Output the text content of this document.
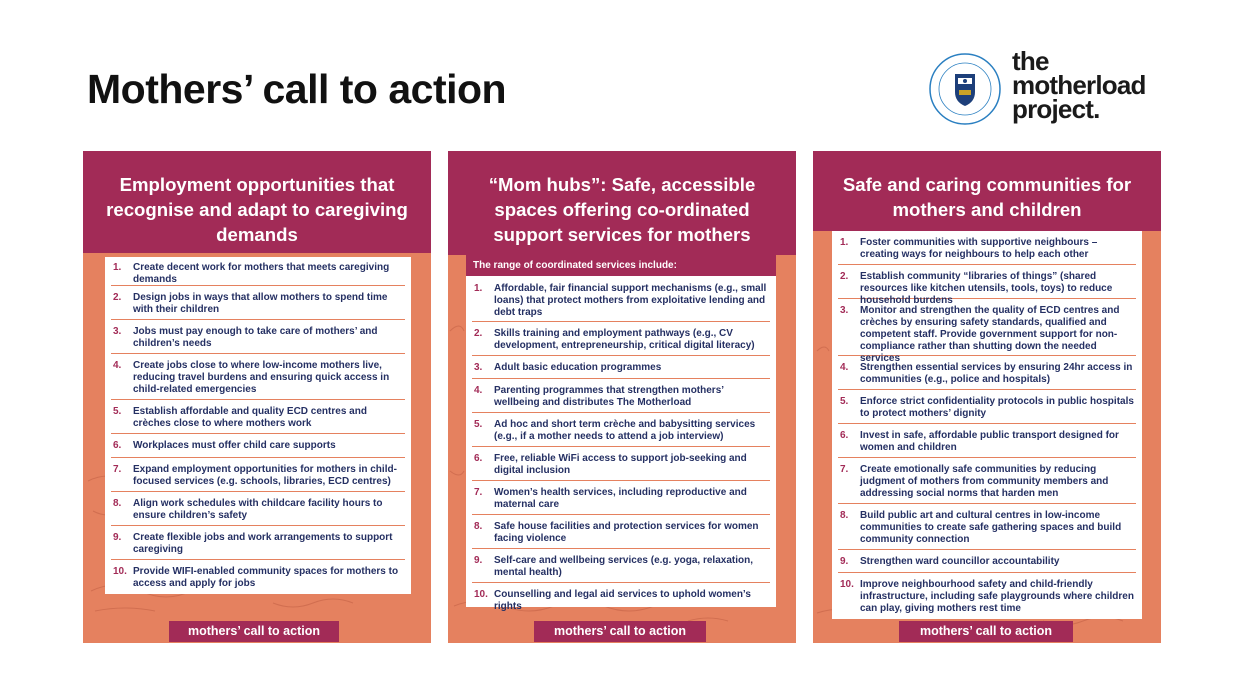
Mothers’ call to action
the
motherload
project.
Employment opportunities that recognise and adapt to caregiving demands
1.	Create decent work for mothers that meets caregiving demands
2.	Design jobs in ways that allow mothers to spend time with their children
3.	Jobs must pay enough to take care of mothers’ and children’s needs
4.	Create jobs close to where low-income mothers live, reducing travel burdens and ensuring quick access in child-related emergencies
5.	Establish affordable and quality ECD centres and crèches close to where mothers work
6.	Workplaces must offer child care supports
7.	Expand employment opportunities for mothers in child-focused services (e.g. schools, libraries, ECD centres)
8.	Align work schedules with childcare facility hours to ensure children’s safety
9.	Create flexible jobs and work arrangements to support caregiving
10. Provide WIFI-enabled community spaces for mothers to access and apply for jobs
mothers’ call to action
“Mom hubs”: Safe, accessible spaces offering co-ordinated support services for mothers
The range of coordinated services include:
1.	Affordable, fair financial support mechanisms (e.g., small loans) that protect mothers from exploitative lending and debt traps
2.	Skills training and employment pathways (e.g., CV development, entrepreneurship, critical digital literacy)
3.	Adult basic education programmes
4.	Parenting programmes that strengthen mothers’ wellbeing and distributes The Motherload
5.	Ad hoc and short term crèche and babysitting services (e.g., if a mother needs to attend a job interview)
6.	Free, reliable WiFi access to support job-seeking and digital inclusion
7.	Women’s health services, including reproductive and maternal care
8.	Safe house facilities and protection services for women facing violence
9.	Self-care and wellbeing services (e.g. yoga, relaxation, mental health)
10. Counselling and legal aid services to uphold women’s rights
mothers’ call to action
Safe and caring communities for mothers and children
1.	Foster communities with supportive neighbours – creating ways for neighbours to help each other
2.	Establish community “libraries of things” (shared resources like kitchen utensils, tools, toys) to reduce household burdens
3.	Monitor and strengthen the quality of ECD centres and crèches by ensuring safety standards, qualified and competent staff. Provide government support for non-compliance rather than shutting down the needed services
4.	Strengthen essential services by ensuring 24hr access in communities (e.g., police and hospitals)
5.	Enforce strict confidentiality protocols in public hospitals to protect mothers’ dignity
6.	Invest in safe, affordable public transport designed for women and children
7.	Create emotionally safe communities by reducing judgment of mothers from community members and addressing social norms that harden men
8.	Build public art and cultural centres in low-income communities to create safe gathering spaces and build community connection
9.	Strengthen ward councillor accountability
10. Improve neighbourhood safety and child-friendly infrastructure, including safe playgrounds where children can play, giving mothers rest time
mothers’ call to action
